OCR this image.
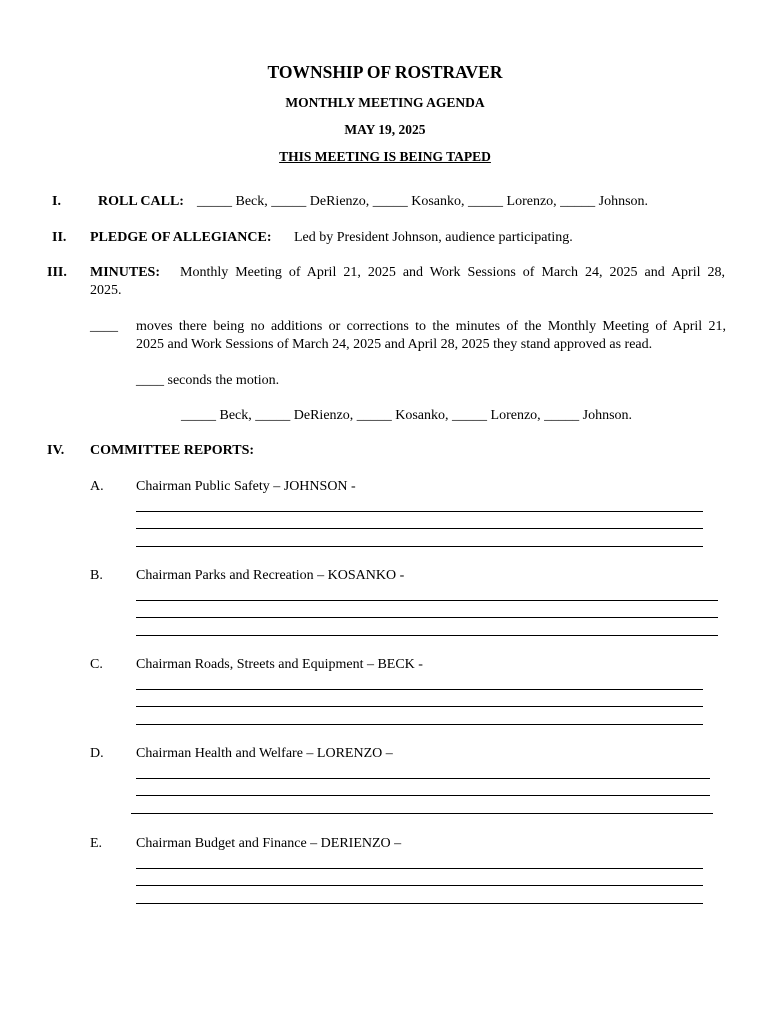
TOWNSHIP OF ROSTRAVER
MONTHLY MEETING AGENDA
MAY 19, 2025
THIS MEETING IS BEING TAPED
I.	ROLL CALL: _____ Beck, _____ DeRienzo, _____ Kosanko, _____ Lorenzo, _____ Johnson.
II. PLEDGE OF ALLEGIANCE: Led by President Johnson, audience participating.
III. MINUTES: Monthly Meeting of April 21, 2025 and Work Sessions of March 24, 2025 and April 28,
2025.
____ moves there being no additions or corrections to the minutes of the Monthly Meeting of April 21,
2025 and Work Sessions of March 24, 2025 and April 28, 2025 they stand approved as read.
____ seconds the motion.
_____ Beck, _____ DeRienzo, _____ Kosanko, _____ Lorenzo, _____ Johnson.
IV. COMMITTEE REPORTS:
A. Chairman Public Safety – JOHNSON -
B. Chairman Parks and Recreation – KOSANKO -
C. Chairman Roads, Streets and Equipment – BECK -
D. Chairman Health and Welfare – LORENZO –
E. Chairman Budget and Finance – DERIENZO –
